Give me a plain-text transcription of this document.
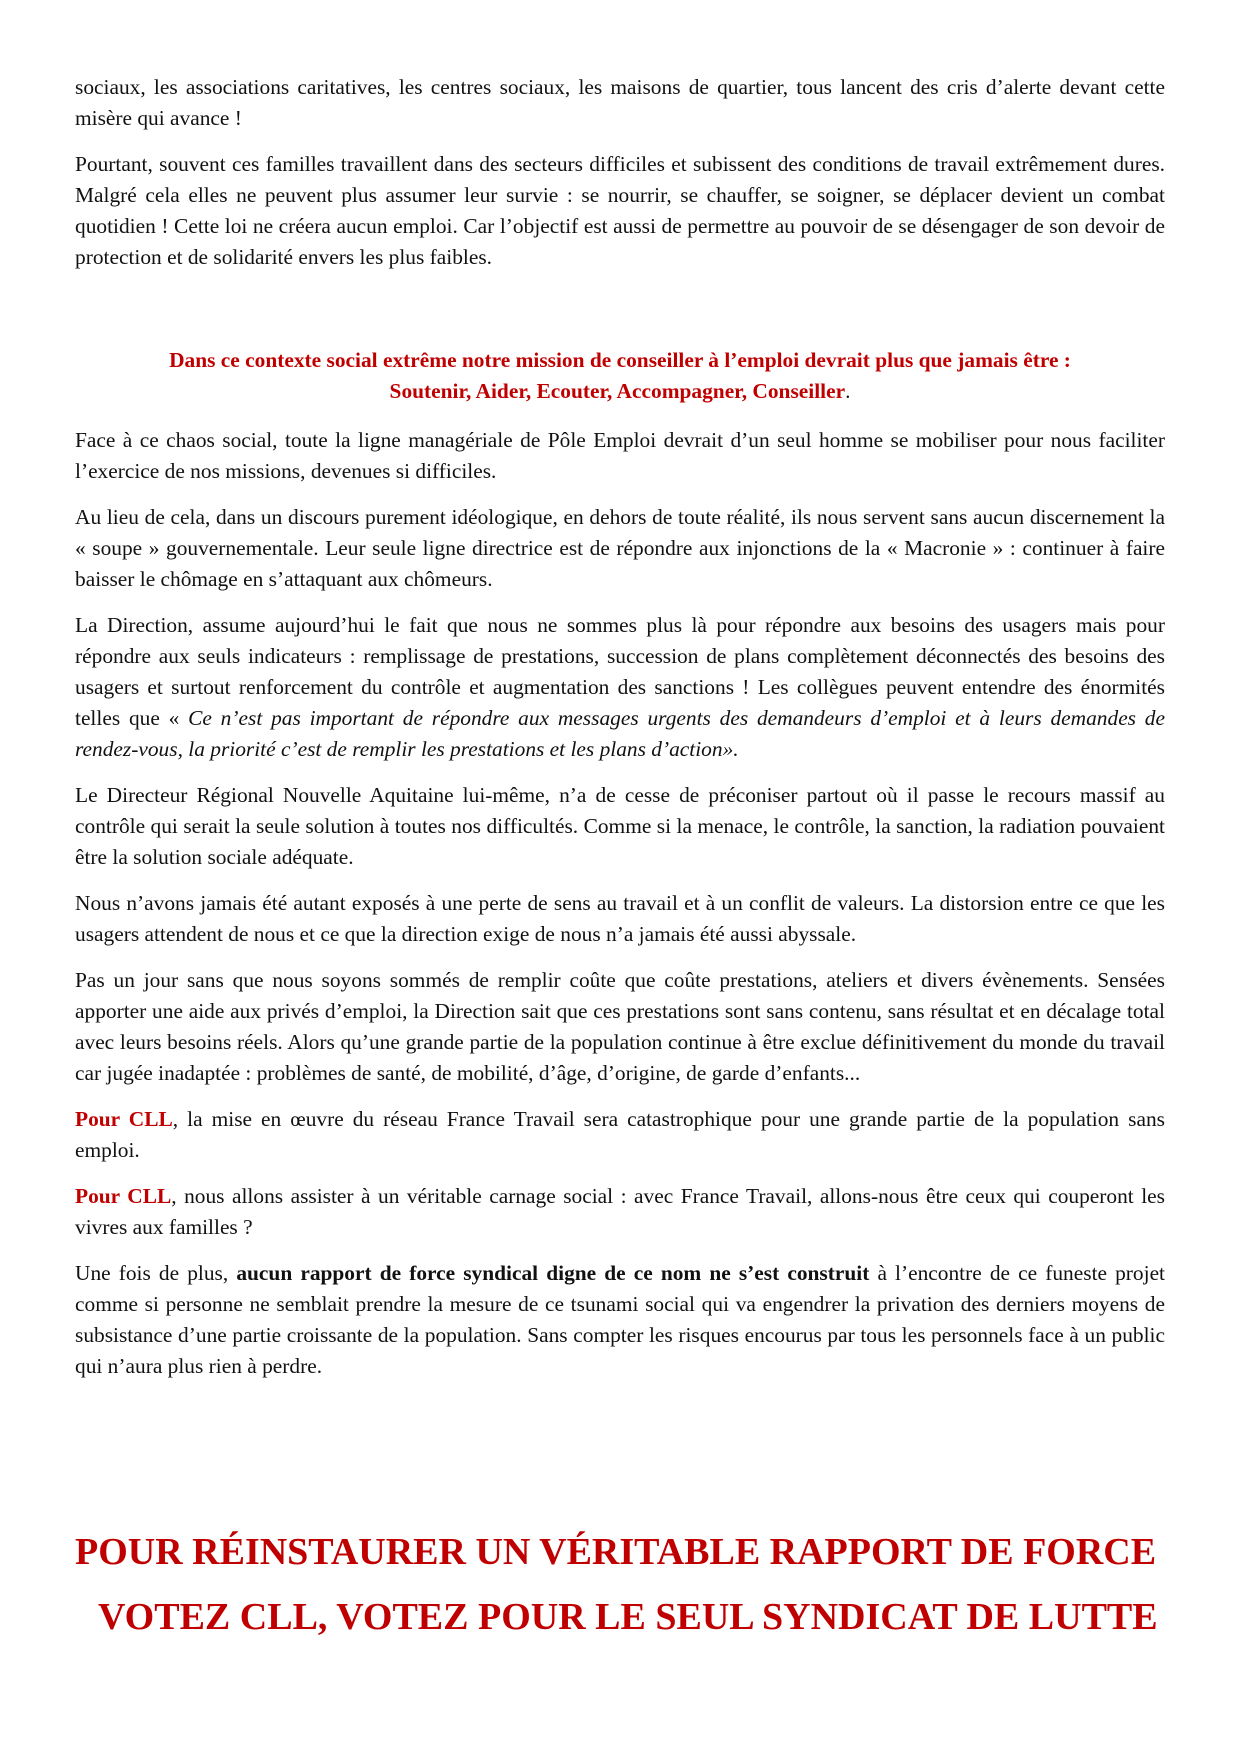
sociaux, les associations caritatives, les centres sociaux, les maisons de quartier, tous lancent des cris d’alerte devant cette misère qui avance !

Pourtant, souvent ces familles travaillent dans des secteurs difficiles et subissent des conditions de travail extrêmement dures. Malgré cela elles ne peuvent plus assumer leur survie : se nourrir, se chauffer, se soigner, se déplacer devient un combat quotidien ! Cette loi ne créera aucun emploi. Car l’objectif est aussi de permettre au pouvoir de se désengager de son devoir de protection et de solidarité envers les plus faibles.

Dans ce contexte social extrême notre mission de conseiller à l’emploi devrait plus que jamais être :
Soutenir, Aider, Ecouter, Accompagner, Conseiller.

Face à ce chaos social, toute la ligne managériale de Pôle Emploi devrait d’un seul homme se mobiliser pour nous faciliter l’exercice de nos missions, devenues si difficiles.

Au lieu de cela, dans un discours purement idéologique, en dehors de toute réalité, ils nous servent sans aucun discernement la « soupe » gouvernementale. Leur seule ligne directrice est de répondre aux injonctions de la « Macronie » : continuer à faire baisser le chômage en s’attaquant aux chômeurs.

La Direction, assume aujourd’hui le fait que nous ne sommes plus là pour répondre aux besoins des usagers mais pour répondre aux seuls indicateurs : remplissage de prestations, succession de plans complètement déconnectés des besoins des usagers et surtout renforcement du contrôle et augmentation des sanctions ! Les collègues peuvent entendre des énormités telles que « Ce n’est pas important de répondre aux messages urgents des demandeurs d’emploi et à leurs demandes de rendez-vous, la priorité c’est de remplir les prestations et les plans d’action».

Le Directeur Régional Nouvelle Aquitaine lui-même, n’a de cesse de préconiser partout où il passe le recours massif au contrôle qui serait la seule solution à toutes nos difficultés. Comme si la menace, le contrôle, la sanction, la radiation pouvaient être la solution sociale adéquate.

Nous n’avons jamais été autant exposés à une perte de sens au travail et à un conflit de valeurs. La distorsion entre ce que les usagers attendent de nous et ce que la direction exige de nous n’a jamais été aussi abyssale.

Pas un jour sans que nous soyons sommés de remplir coûte que coûte prestations, ateliers et divers évènements. Sensées apporter une aide aux privés d’emploi, la Direction sait que ces prestations sont sans contenu, sans résultat et en décalage total avec leurs besoins réels. Alors qu’une grande partie de la population continue à être exclue définitivement du monde du travail car jugée inadaptée : problèmes de santé, de mobilité, d’âge, d’origine, de garde d’enfants...

Pour CLL, la mise en œuvre du réseau France Travail sera catastrophique pour une grande partie de la population sans emploi.

Pour CLL, nous allons assister à un véritable carnage social : avec France Travail, allons-nous être ceux qui couperont les vivres aux familles ?

Une fois de plus, aucun rapport de force syndical digne de ce nom ne s’est construit à l’encontre de ce funeste projet comme si personne ne semblait prendre la mesure de ce tsunami social qui va engendrer la privation des derniers moyens de subsistance d’une partie croissante de la population. Sans compter les risques encourus par tous les personnels face à un public qui n’aura plus rien à perdre.

POUR RÉINSTAURER UN VÉRITABLE RAPPORT DE FORCE
VOTEZ CLL, VOTEZ POUR LE SEUL SYNDICAT DE LUTTE
